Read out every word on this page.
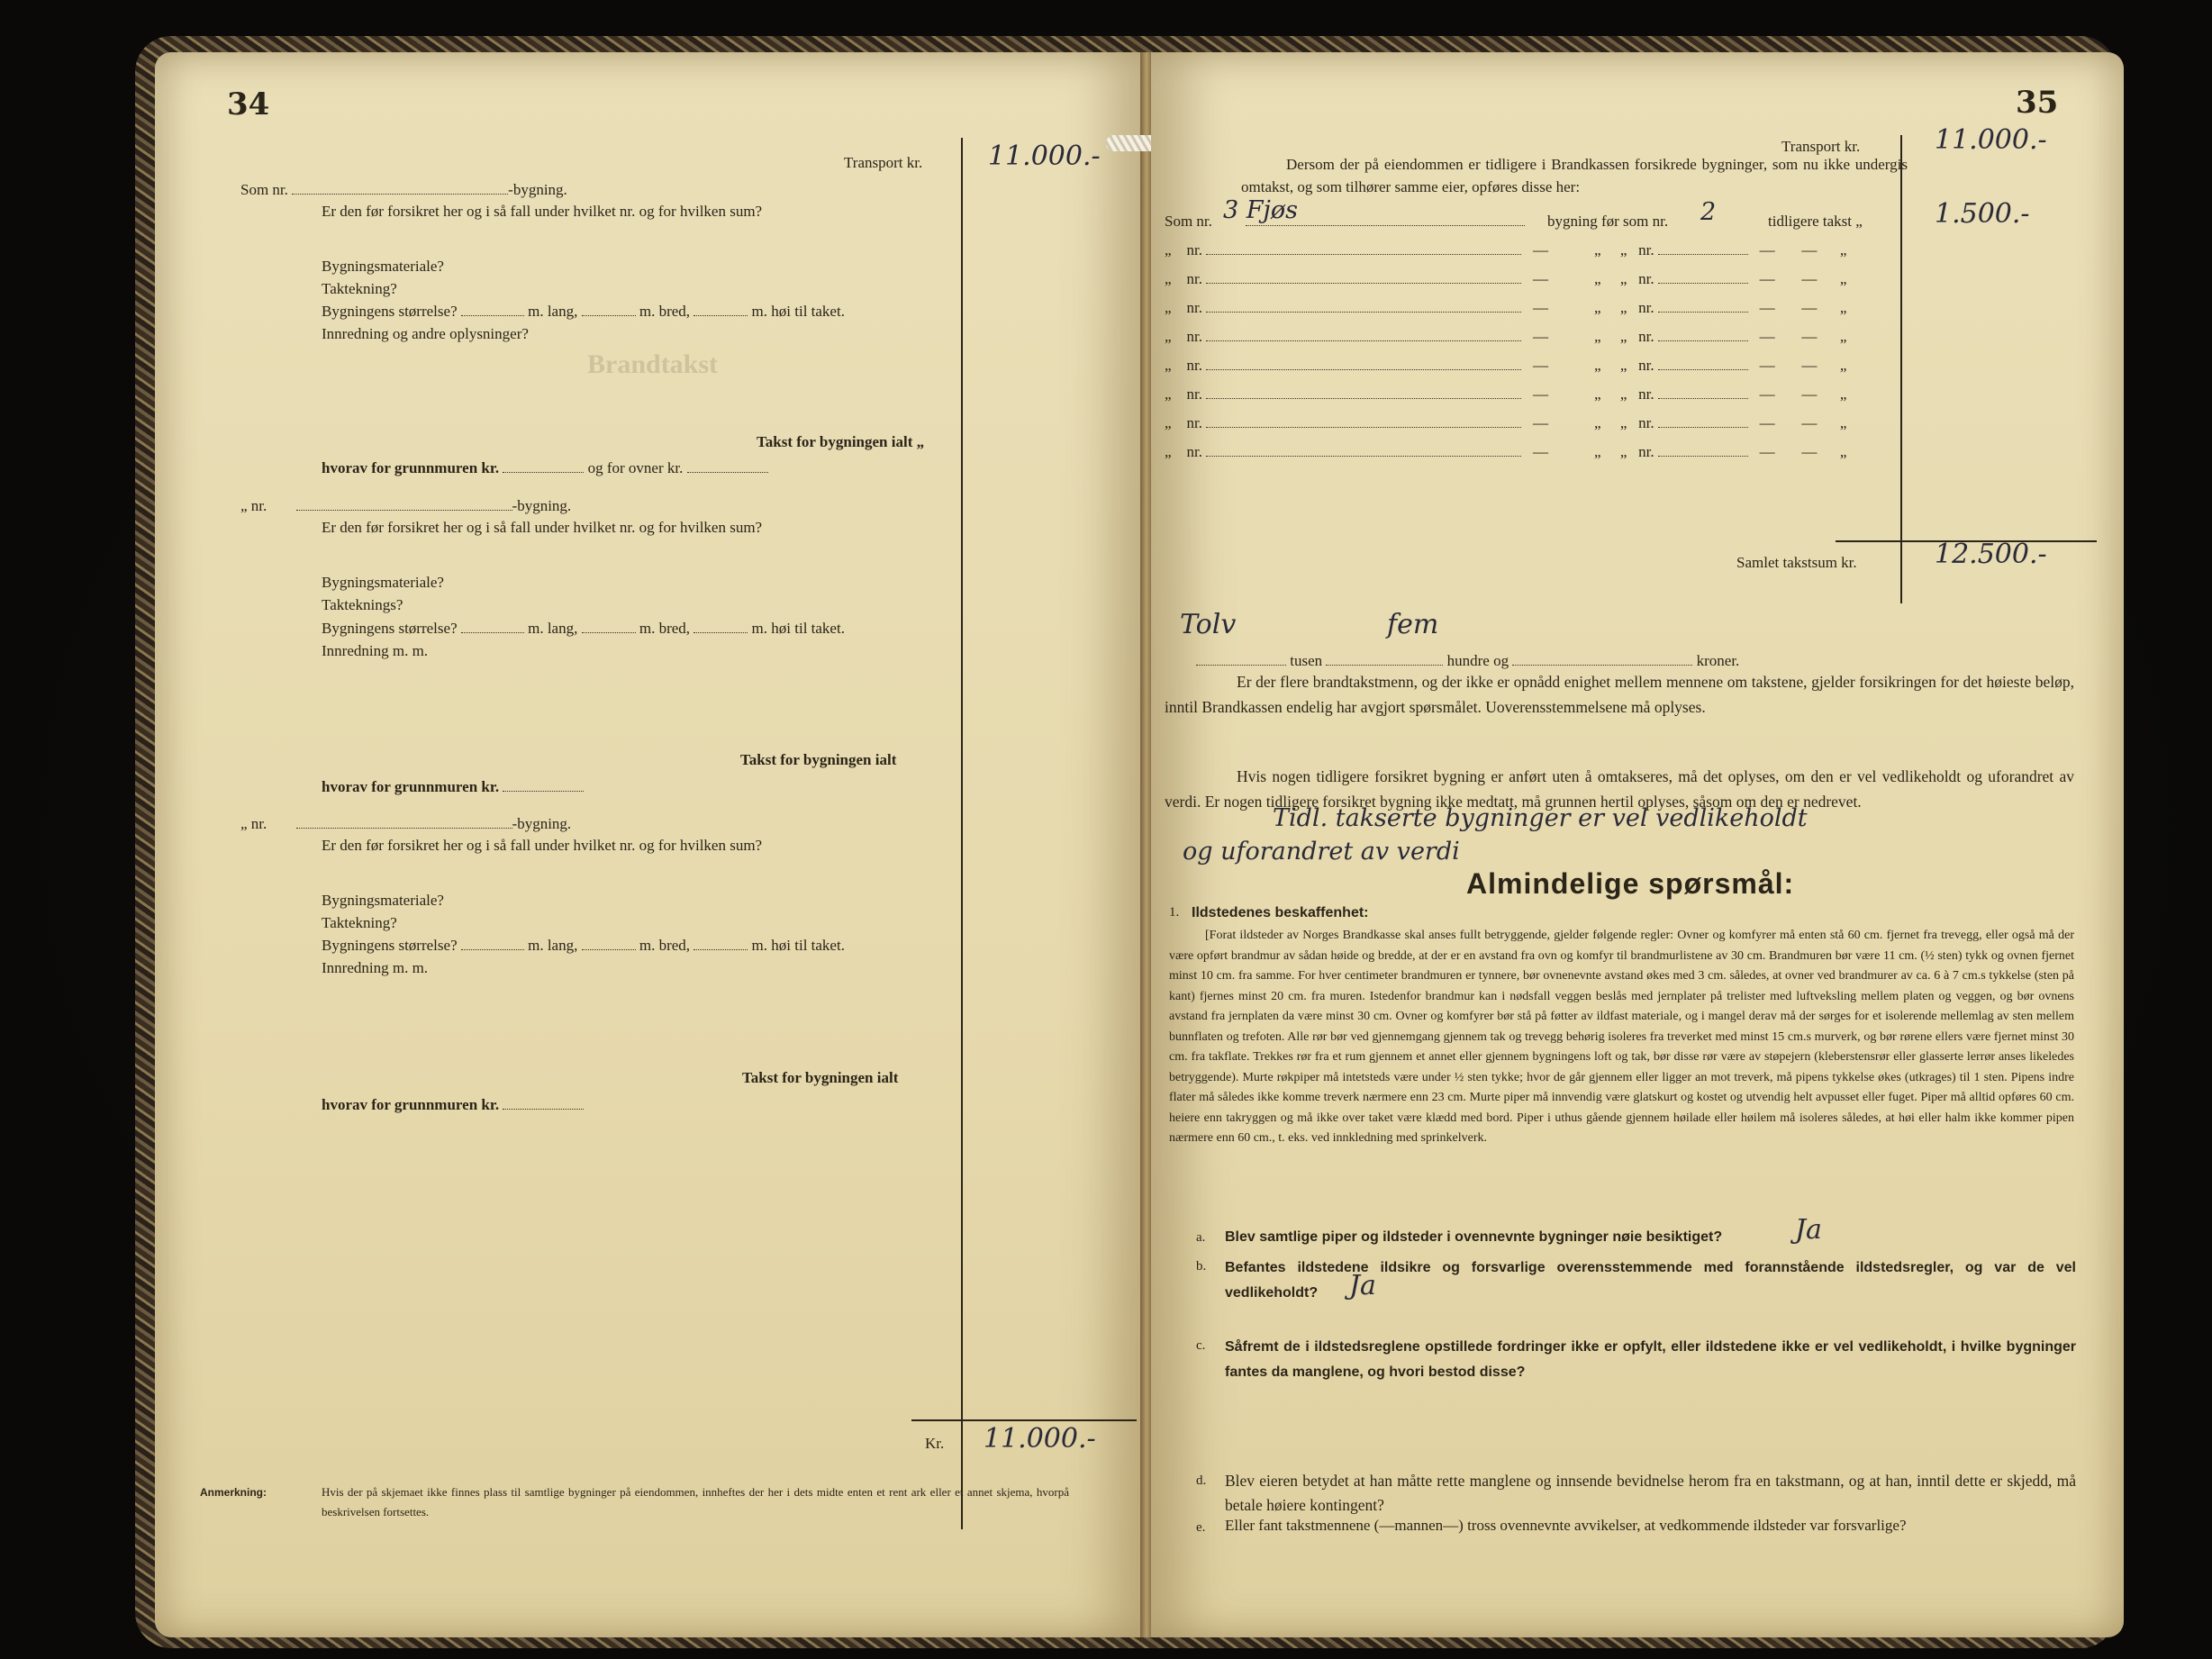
Brandtakst
34
Transport kr. 11.000.-
Som nr.	-bygning.
Er den før forsikret her og i så fall under hvilket nr. og for hvilken sum?
Bygningsmateriale?
Taktekning?
Bygningens størrelse?	m. lang,	m. bred,	m. høi til taket.
Innredning og andre oplysninger?
Takst for bygningen ialt „
hvorav for grunnmuren kr.	og for ovner kr.
„ nr.	-bygning.
Er den før forsikret her og i så fall under hvilket nr. og for hvilken sum?
Bygningsmateriale?
Takteknings?
Bygningens størrelse?	m. lang,	m. bred,	m. høi til taket.
Innredning m. m.
Takst for bygningen ialt
hvorav for grunnmuren kr.
„ nr.	-bygning.
Er den før forsikret her og i så fall under hvilket nr. og for hvilken sum?
Bygningsmateriale?
Taktekning?
Bygningens størrelse?	m. lang,	m. bred,	m. høi til taket.
Innredning m. m.
Takst for bygningen ialt
hvorav for grunnmuren kr.
Kr. 11.000.-
Anmerkning:	Hvis der på skjemaet ikke finnes plass til samtlige bygninger på eiendommen, innheftes der her i dets midte enten et rent ark eller et annet skjema, hvorpå beskrivelsen fortsettes.
35
Transport kr.	11.000.-
Dersom der på eiendommen er tidligere i Brandkassen forsikrede bygninger, som nu ikke undergis omtakst, og som tilhører samme eier, opføres disse her:
Som nr. 3 Fjøs	bygning før som nr. 2	tidligere takst „	1.500.-
„ nr.	—	„ „ nr.	— — „
„ nr.	—	„ „ nr.	— — „
„ nr.	—	„ „ nr.	— — „
„ nr.	—	„ „ nr.	— — „
„ nr.	—	„ „ nr.	— — „
„ nr.	—	„ „ nr.	— — „
„ nr.	—	„ „ nr.	— — „
„ nr.	—	„ „ nr.	— — „
Samlet takstsum kr.	12.500.-
Tolv	fem
tusen	hundre og	kroner.
Er der flere brandtakstmenn, og der ikke er opnådd enighet mellem mennene om takstene, gjelder forsikringen for det høieste beløp, inntil Brandkassen endelig har avgjort spørsmålet. Uoverensstemmelsene må oplyses.
Hvis nogen tidligere forsikret bygning er anført uten å omtakseres, må det oplyses, om den er vel vedlikeholdt og uforandret av verdi. Er nogen tidligere forsikret bygning ikke medtatt, må grunnen hertil oplyses, såsom om den er nedrevet.
Tidl. takserte bygninger er vel vedlikeholdt
og uforandret av verdi
Almindelige spørsmål:
1. Ildstedenes beskaffenhet:
[Forat ildsteder av Norges Brandkasse skal anses fullt betryggende, gjelder følgende regler: Ovner og komfyrer må enten stå 60 cm. fjernet fra trevegg, eller også må der være opført brandmur av sådan høide og bredde, at der er en avstand fra ovn og komfyr til brandmurlistene av 30 cm. Brandmuren bør være 11 cm. (½ sten) tykk og ovnen fjernet minst 10 cm. fra samme. For hver centimeter brandmuren er tynnere, bør ovnenevnte avstand økes med 3 cm. således, at ovner ved brandmurer av ca. 6 à 7 cm.s tykkelse (sten på kant) fjernes minst 20 cm. fra muren. Istedenfor brandmur kan i nødsfall veggen beslås med jernplater på trelister med luftveksling mellem platen og veggen, og bør ovnens avstand fra jernplaten da være minst 30 cm. Ovner og komfyrer bør stå på føtter av ildfast materiale, og i mangel derav må der sørges for et isolerende mellemlag av sten mellem bunnflaten og trefoten. Alle rør bør ved gjennemgang gjennem tak og trevegg behørig isoleres fra treverket med minst 15 cm.s murverk, og bør rørene ellers være fjernet minst 30 cm. fra takflate. Trekkes rør fra et rum gjennem et annet eller gjennem bygningens loft og tak, bør disse rør være av støpejern (kleberstensrør eller glasserte lerrør anses likeledes betryggende). Murte røkpiper må intetsteds være under ½ sten tykke; hvor de går gjennem eller ligger an mot treverk, må pipens tykkelse økes (utkrages) til 1 sten. Pipens indre flater må således ikke komme treverk nærmere enn 23 cm. Murte piper må innvendig være glatskurt og kostet og utvendig helt avpusset eller fuget. Piper må alltid opføres 60 cm. heiere enn takryggen og må ikke over taket være klædd med bord. Piper i uthus gående gjennem høilade eller høilem må isoleres således, at høi eller halm ikke kommer pipen nærmere enn 60 cm., t. eks. ved innkledning med sprinkelverk.
a. Blev samtlige piper og ildsteder i ovennevnte bygninger nøie besiktiget?	Ja
b. Befantes ildstedene ildsikre og forsvarlige overensstemmende med forannstående ildstedsregler, og var de vel vedlikeholdt?	Ja
c. Såfremt de i ildstedsreglene opstillede fordringer ikke er opfylt, eller ildstedene ikke er vel vedlikeholdt, i hvilke bygninger fantes da manglene, og hvori bestod disse?
d. Blev eieren betydet at han måtte rette manglene og innsende bevidnelse herom fra en takstmann, og at han, inntil dette er skjedd, må betale høiere kontingent?
e. Eller fant takstmennene (—mannen—) tross ovennevnte avvikelser, at vedkommende ildsteder var forsvarlige?
